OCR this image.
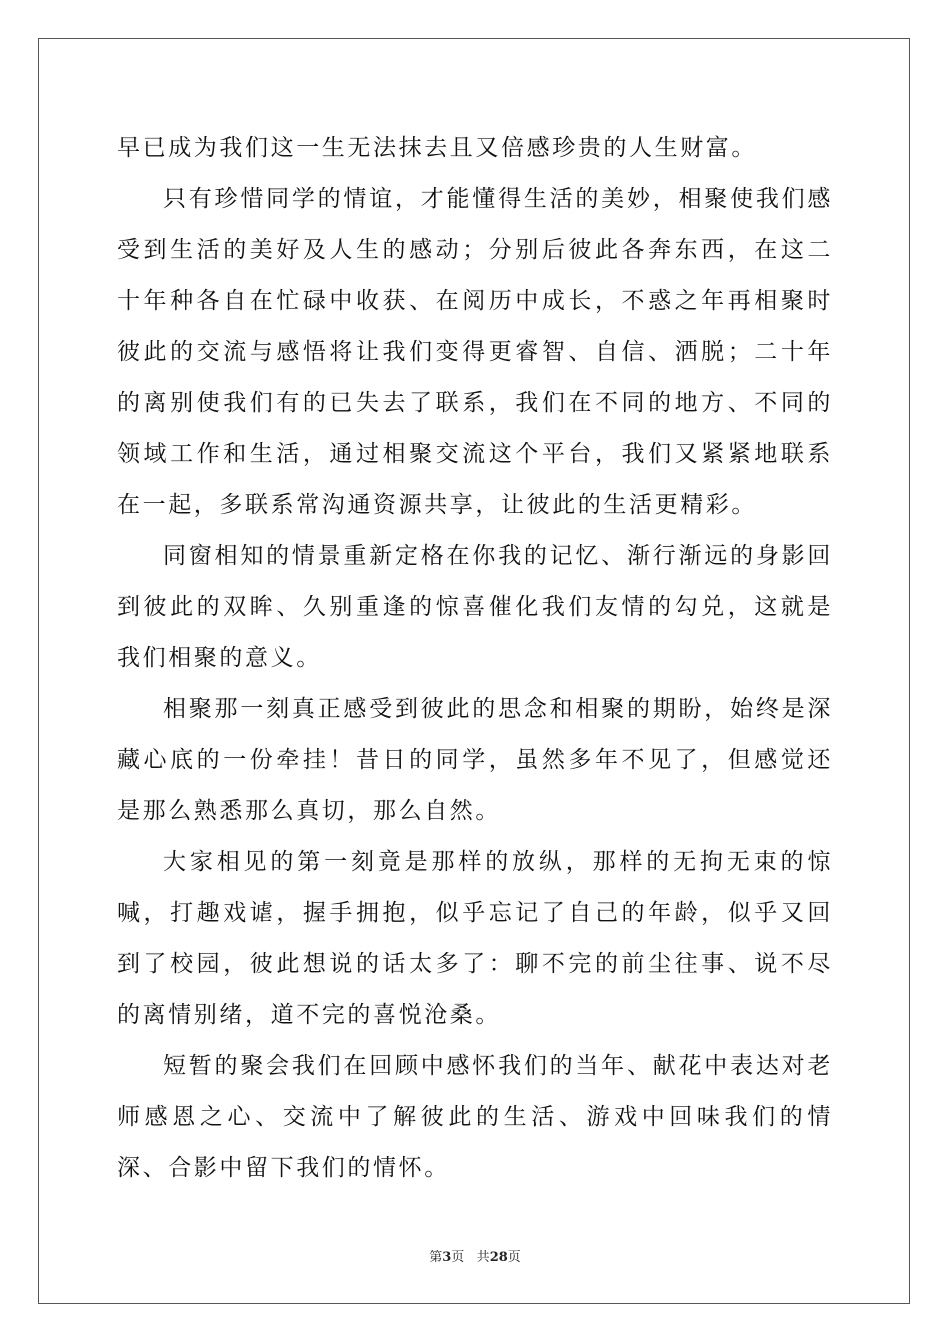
早已成为我们这一生无法抹去且又倍感珍贵的人生财富。

只有珍惜同学的情谊，才能懂得生活的美妙，相聚使我们感受到生活的美好及人生的感动；分别后彼此各奔东西，在这二十年种各自在忙碌中收获、在阅历中成长，不惑之年再相聚时彼此的交流与感悟将让我们变得更睿智、自信、洒脱；二十年的离别使我们有的已失去了联系，我们在不同的地方、不同的领域工作和生活，通过相聚交流这个平台，我们又紧紧地联系在一起，多联系常沟通资源共享，让彼此的生活更精彩。

同窗相知的情景重新定格在你我的记忆、渐行渐远的身影回到彼此的双眸、久别重逢的惊喜催化我们友情的勾兑，这就是我们相聚的意义。

相聚那一刻真正感受到彼此的思念和相聚的期盼，始终是深藏心底的一份牵挂！昔日的同学，虽然多年不见了，但感觉还是那么熟悉那么真切，那么自然。

大家相见的第一刻竟是那样的放纵，那样的无拘无束的惊喊，打趣戏谑，握手拥抱，似乎忘记了自己的年龄，似乎又回到了校园，彼此想说的话太多了：聊不完的前尘往事、说不尽的离情别绪，道不完的喜悦沧桑。

短暂的聚会我们在回顾中感怀我们的当年、献花中表达对老师感恩之心、交流中了解彼此的生活、游戏中回味我们的情深、合影中留下我们的情怀。

第3页 共28页
